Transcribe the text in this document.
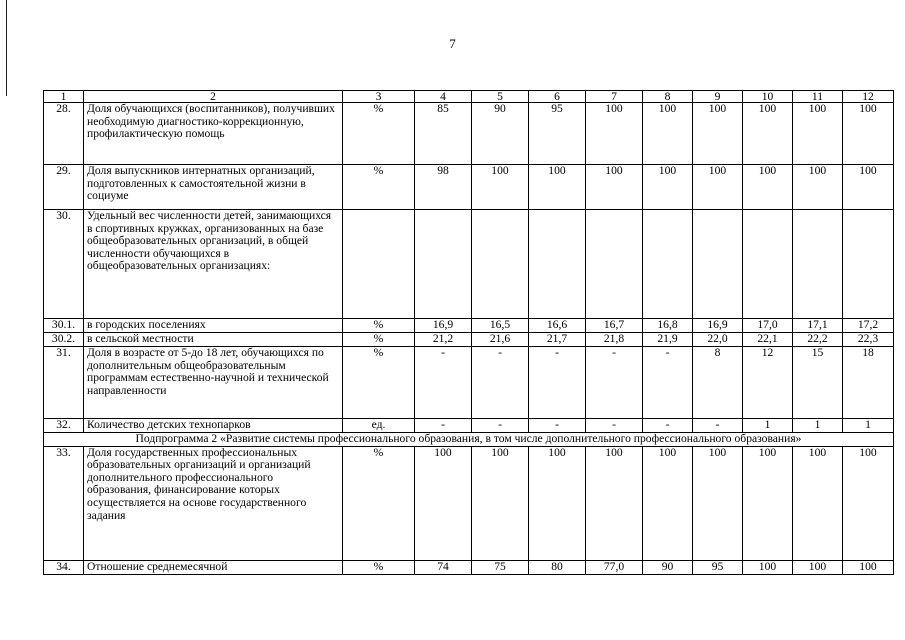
7
1	2	3	4	5	6	7	8	9	10	11	12
28.	Доля обучающихся (воспитанников), получивших необходимую диагностико-коррекционную, профилактическую помощь	%	85	90	95	100	100	100	100	100	100
29.	Доля выпускников интернатных организаций, подготовленных к самостоятельной жизни в социуме	%	98	100	100	100	100	100	100	100	100
30.	Удельный вес численности детей, занимающихся в спортивных кружках, организованных на базе общеобразовательных организаций, в общей численности обучающихся в общеобразовательных организациях:										
30.1.	в городских поселениях	%	16,9	16,5	16,6	16,7	16,8	16,9	17,0	17,1	17,2
30.2.	в сельской местности	%	21,2	21,6	21,7	21,8	21,9	22,0	22,1	22,2	22,3
31.	Доля в возрасте от 5-до 18 лет, обучающихся по дополнительным общеобразовательным программам естественно-научной и технической направленности	%	-	-	-	-	-	8	12	15	18
32.	Количество детских технопарков	ед.	-	-	-	-	-	-	1	1	1
Подпрограмма 2 «Развитие системы профессионального образования, в том числе дополнительного профессионального образования»											
33.	Доля государственных профессиональных образовательных организаций и организаций дополнительного профессионального образования, финансирование которых осуществляется на основе государственного задания	%	100	100	100	100	100	100	100	100	100
34.	Отношение среднемесячной	%	74	75	80	77,0	90	95	100	100	100
